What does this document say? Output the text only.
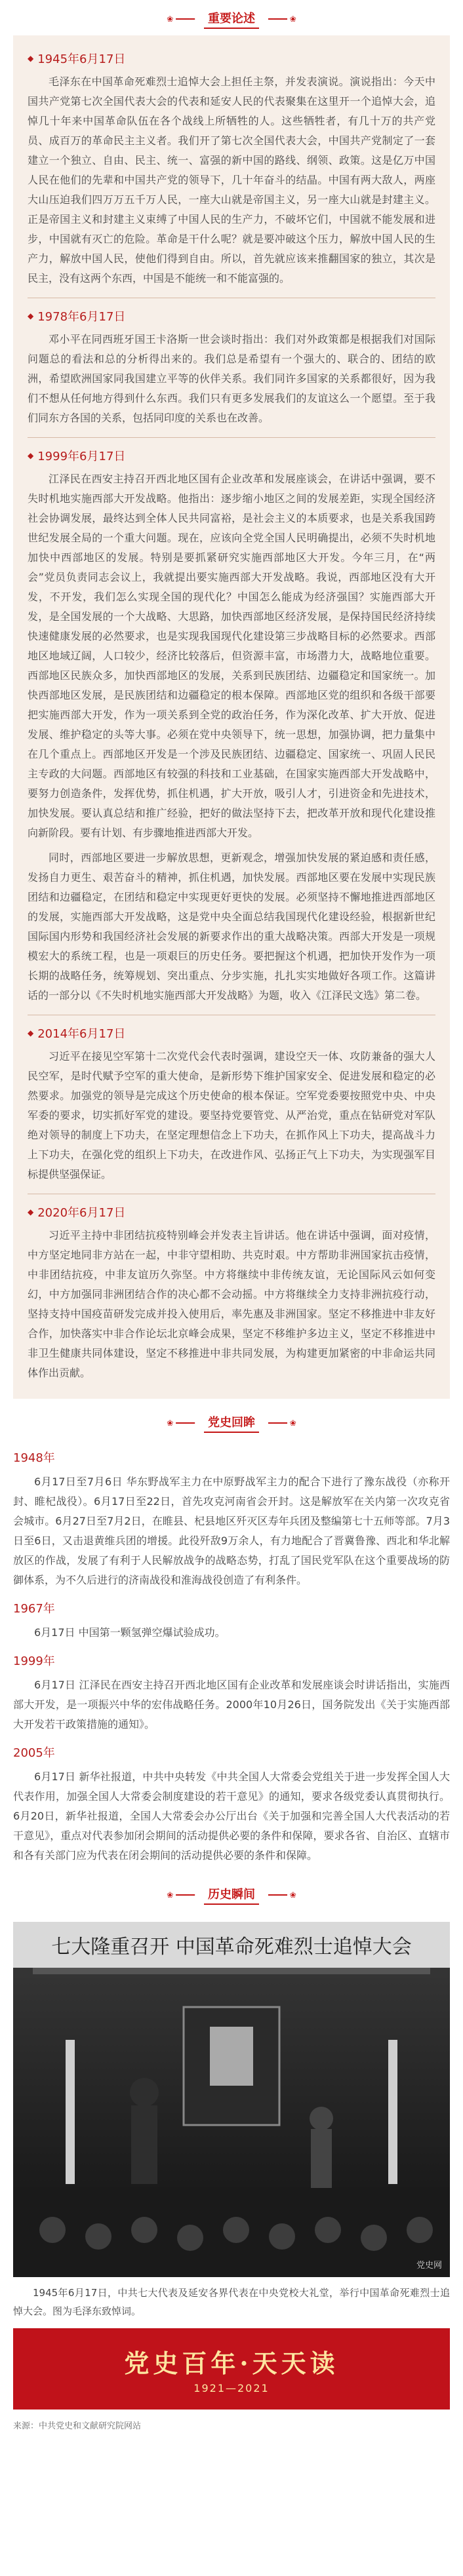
❀ ━━━━	重要论述	━━━━ ❀
◆ 1945年6月17日

毛泽东在中国革命死难烈士追悼大会上担任主祭，并发表演说。演说指出：今天中国共产党第七次全国代表大会的代表和延安人民的代表聚集在这里开一个追悼大会，追悼几十年来中国革命队伍在各个战线上所牺牲的人。这些牺牲者，有几十万的共产党员、成百万的革命民主主义者。我们开了第七次全国代表大会，中国共产党制定了一套建立一个独立、自由、民主、统一、富强的新中国的路线、纲领、政策。这是亿万中国人民在他们的先辈和中国共产党的领导下，几十年奋斗的结晶。中国有两大敌人，两座大山压迫我们四万万五千万人民，一座大山就是帝国主义，另一座大山就是封建主义。正是帝国主义和封建主义束缚了中国人民的生产力，不破坏它们，中国就不能发展和进步，中国就有灭亡的危险。革命是干什么呢？就是要冲破这个压力，解放中国人民的生产力，解放中国人民，使他们得到自由。所以，首先就应该来推翻国家的独立，其次是民主，没有这两个东西，中国是不能统一和不能富强的。

◆ 1978年6月17日

邓小平在同西班牙国王卡洛斯一世会谈时指出：我们对外政策都是根据我们对国际问题总的看法和总的分析得出来的。我们总是希望有一个强大的、联合的、团结的欧洲，希望欧洲国家同我国建立平等的伙伴关系。我们同许多国家的关系都很好，因为我们不想从任何地方得到什么东西。我们只有更多发展我们的友谊这么一个愿望。至于我们同东方各国的关系，包括同印度的关系也在改善。

◆ 1999年6月17日

江泽民在西安主持召开西北地区国有企业改革和发展座谈会，在讲话中强调，要不失时机地实施西部大开发战略。他指出：逐步缩小地区之间的发展差距，实现全国经济社会协调发展，最终达到全体人民共同富裕，是社会主义的本质要求，也是关系我国跨世纪发展全局的一个重大问题。现在，应该向全党全国人民明确提出，必须不失时机地加快中西部地区的发展。特别是要抓紧研究实施西部地区大开发。今年三月，在“两会”党员负责同志会议上，我就提出要实施西部大开发战略。我说，西部地区没有大开发，不开发，我们怎么实现全国的现代化？中国怎么能成为经济强国？实施西部大开发，是全国发展的一个大战略、大思路，加快西部地区经济发展，是保持国民经济持续快速健康发展的必然要求，也是实现我国现代化建设第三步战略目标的必然要求。西部地区地域辽阔，人口较少，经济比较落后，但资源丰富，市场潜力大，战略地位重要。西部地区民族众多，加快西部地区的发展，关系到民族团结、边疆稳定和国家统一。加快西部地区发展，是民族团结和边疆稳定的根本保障。西部地区党的组织和各级干部要把实施西部大开发，作为一项关系到全党的政治任务，作为深化改革、扩大开放、促进发展、维护稳定的头等大事。必须在党中央领导下，统一思想，加强协调，把力量集中在几个重点上。西部地区开发是一个涉及民族团结、边疆稳定、国家统一、巩固人民民主专政的大问题。西部地区有较强的科技和工业基础，在国家实施西部大开发战略中，要努力创造条件，发挥优势，抓住机遇，扩大开放，吸引人才，引进资金和先进技术，加快发展。要认真总结和推广经验，把好的做法坚持下去，把改革开放和现代化建设推向新阶段。要有计划、有步骤地推进西部大开发。

同时，西部地区要进一步解放思想，更新观念，增强加快发展的紧迫感和责任感，发扬自力更生、艰苦奋斗的精神，抓住机遇，加快发展。西部地区要在发展中实现民族团结和边疆稳定，在团结和稳定中实现更好更快的发展。必须坚持不懈地推进西部地区的发展，实施西部大开发战略，这是党中央全面总结我国现代化建设经验，根据新世纪国际国内形势和我国经济社会发展的新要求作出的重大战略决策。西部大开发是一项规模宏大的系统工程，也是一项艰巨的历史任务。要把握这个机遇，把加快开发作为一项长期的战略任务，统筹规划、突出重点、分步实施，扎扎实实地做好各项工作。这篇讲话的一部分以《不失时机地实施西部大开发战略》为题，收入《江泽民文选》第二卷。

◆ 2014年6月17日

习近平在接见空军第十二次党代会代表时强调，建设空天一体、攻防兼备的强大人民空军，是时代赋予空军的重大使命，是新形势下维护国家安全、促进发展和稳定的必然要求。加强党的领导是完成这个历史使命的根本保证。空军党委要按照党中央、中央军委的要求，切实抓好军党的建设。要坚持党要管党、从严治党，重点在钻研党对军队绝对领导的制度上下功夫，在坚定理想信念上下功夫，在抓作风上下功夫，提高战斗力上下功夫，在强化党的组织上下功夫，在改进作风、弘扬正气上下功夫，为实现强军目标提供坚强保证。

◆ 2020年6月17日

习近平主持中非团结抗疫特别峰会并发表主旨讲话。他在讲话中强调，面对疫情，中方坚定地同非方站在一起，中非守望相助、共克时艰。中方帮助非洲国家抗击疫情，中非团结抗疫，中非友谊历久弥坚。中方将继续中非传统友谊，无论国际风云如何变幻，中方加强同非洲团结合作的决心都不会动摇。中方将继续全力支持非洲抗疫行动，坚持支持中国疫苗研发完成并投入使用后，率先惠及非洲国家。坚定不移推进中非友好合作，加快落实中非合作论坛北京峰会成果，坚定不移维护多边主义，坚定不移推进中非卫生健康共同体建设，坚定不移推进中非共同发展，为构建更加紧密的中非命运共同体作出贡献。

❀ ━━━━	党史回眸	━━━━ ❀
1948年

6月17日至7月6日 华东野战军主力在中原野战军主力的配合下进行了豫东战役（亦称开封、睢杞战役）。6月17日至22日，首先攻克河南省会开封。这是解放军在关内第一次攻克省会城市。6月27日至7月2日，在睢县、杞县地区歼灭区寿年兵团及整编第七十五师等部。7月3日至6日，又击退黄维兵团的增援。此役歼敌9万余人，有力地配合了晋冀鲁豫、西北和华北解放区的作战，发展了有利于人民解放战争的战略态势，打乱了国民党军队在这个重要战场的防御体系，为不久后进行的济南战役和淮海战役创造了有利条件。

1967年

6月17日 中国第一颗氢弹空爆试验成功。

1999年

6月17日 江泽民在西安主持召开西北地区国有企业改革和发展座谈会时讲话指出，实施西部大开发，是一项振兴中华的宏伟战略任务。2000年10月26日，国务院发出《关于实施西部大开发若干政策措施的通知》。

2005年

6月17日 新华社报道，中共中央转发《中共全国人大常委会党组关于进一步发挥全国人大代表作用，加强全国人大常委会制度建设的若干意见》的通知，要求各级党委认真贯彻执行。6月20日，新华社报道，全国人大常委会办公厅出台《关于加强和完善全国人大代表活动的若干意见》，重点对代表参加闭会期间的活动提供必要的条件和保障，要求各省、自治区、直辖市和各有关部门应为代表在闭会期间的活动提供必要的条件和保障。

❀ ━━━━	历史瞬间	━━━━ ❀
七大隆重召开 中国革命死难烈士追悼大会
党史网

1945年6月17日，中共七大代表及延安各界代表在中央党校大礼堂，举行中国革命死难烈士追悼大会。图为毛泽东致悼词。

党史百年·天天读
1921—2021
来源：中共党史和文献研究院网站
